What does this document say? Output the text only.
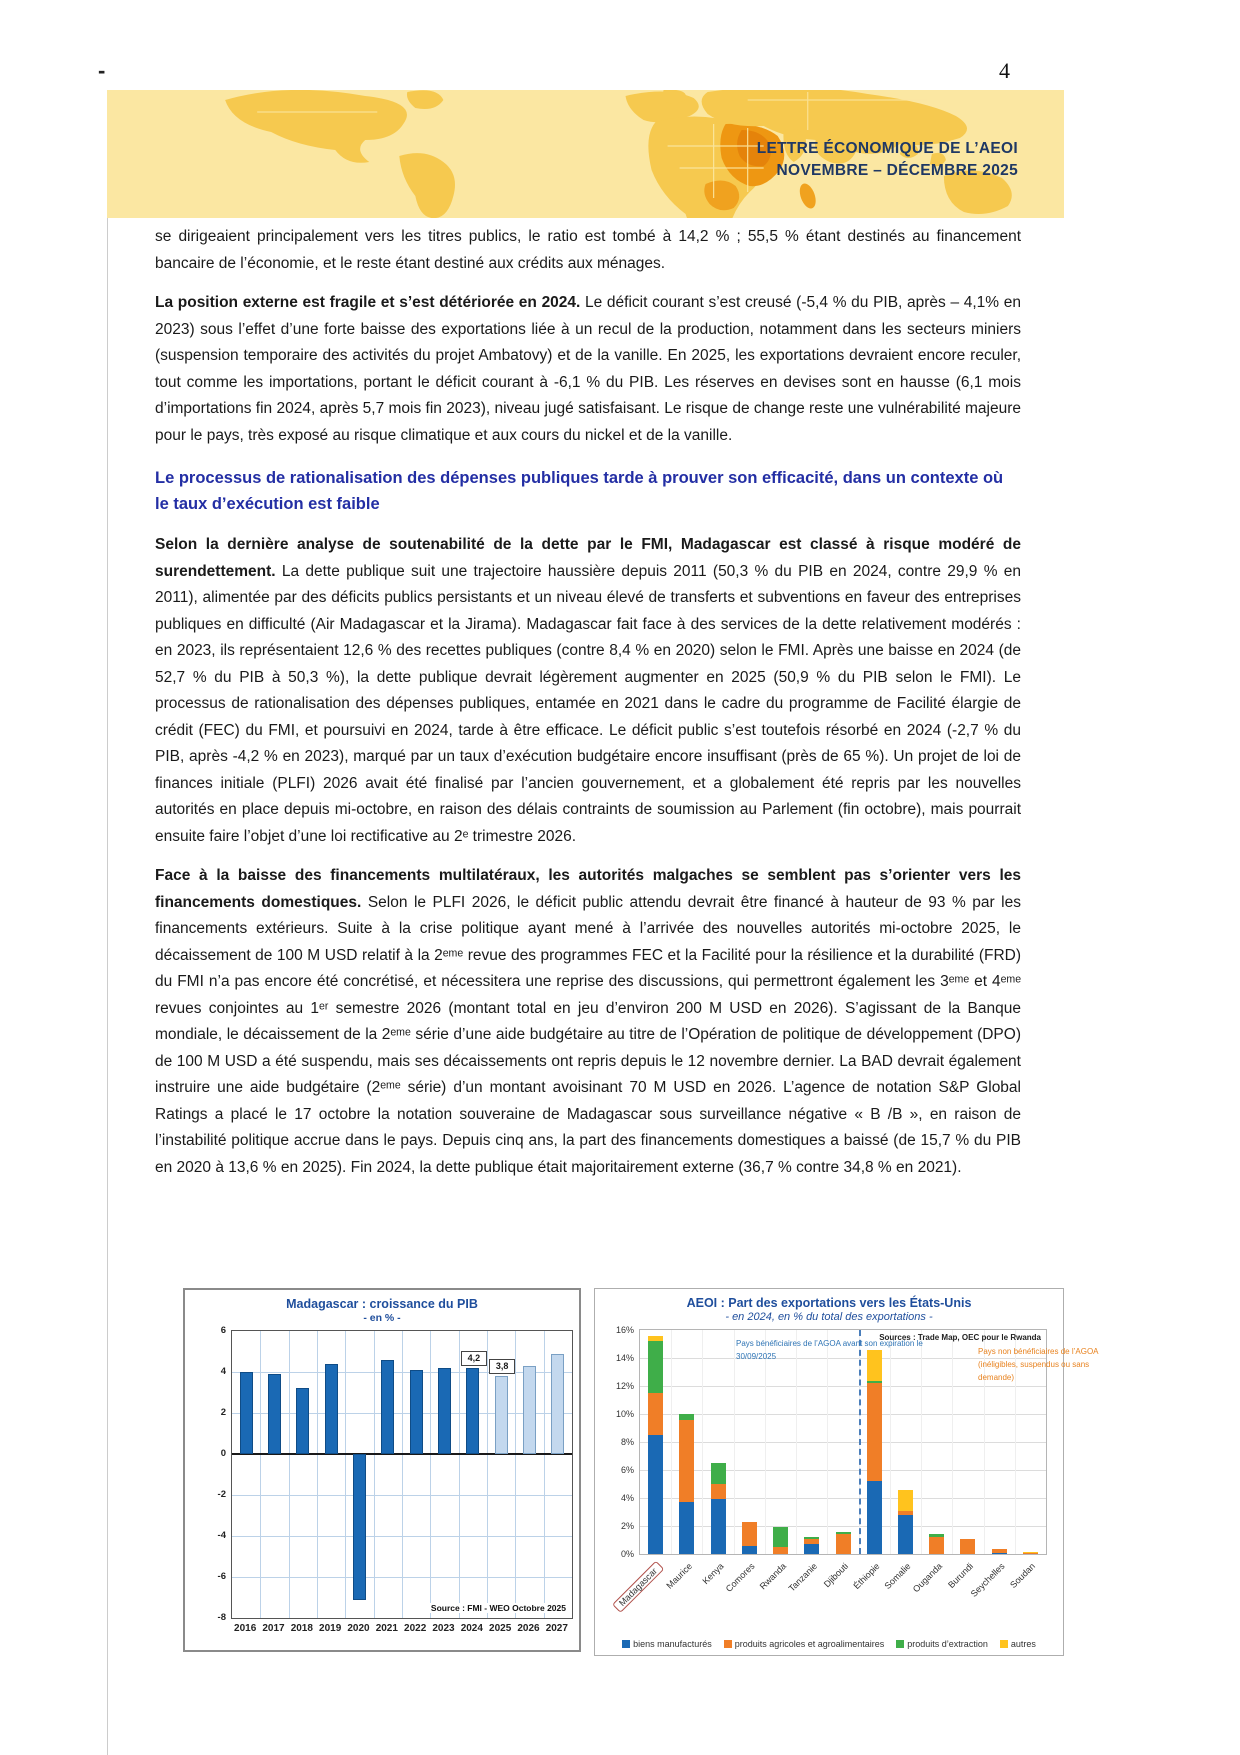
-	4
LETTRE ÉCONOMIQUE DE L’AEOI
NOVEMBRE – DÉCEMBRE 2025

se dirigeaient principalement vers les titres publics, le ratio est tombé à 14,2 % ; 55,5 % étant destinés au financement bancaire de l’économie, et le reste étant destiné aux crédits aux ménages.

La position externe est fragile et s’est détériorée en 2024. Le déficit courant s’est creusé (-5,4 % du PIB, après – 4,1% en 2023) sous l’effet d’une forte baisse des exportations liée à un recul de la production, notamment dans les secteurs miniers (suspension temporaire des activités du projet Ambatovy) et de la vanille. En 2025, les exportations devraient encore reculer, tout comme les importations, portant le déficit courant à -6,1 % du PIB. Les réserves en devises sont en hausse (6,1 mois d’importations fin 2024, après 5,7 mois fin 2023), niveau jugé satisfaisant. Le risque de change reste une vulnérabilité majeure pour le pays, très exposé au risque climatique et aux cours du nickel et de la vanille.

Le processus de rationalisation des dépenses publiques tarde à prouver son efficacité, dans un contexte où le taux d’exécution est faible

Selon la dernière analyse de soutenabilité de la dette par le FMI, Madagascar est classé à risque modéré de surendettement. La dette publique suit une trajectoire haussière depuis 2011 (50,3 % du PIB en 2024, contre 29,9 % en 2011), alimentée par des déficits publics persistants et un niveau élevé de transferts et subventions en faveur des entreprises publiques en difficulté (Air Madagascar et la Jirama). Madagascar fait face à des services de la dette relativement modérés : en 2023, ils représentaient 12,6 % des recettes publiques (contre 8,4 % en 2020) selon le FMI. Après une baisse en 2024 (de 52,7 % du PIB à 50,3 %), la dette publique devrait légèrement augmenter en 2025 (50,9 % du PIB selon le FMI). Le processus de rationalisation des dépenses publiques, entamée en 2021 dans le cadre du programme de Facilité élargie de crédit (FEC) du FMI, et poursuivi en 2024, tarde à être efficace. Le déficit public s’est toutefois résorbé en 2024 (-2,7 % du PIB, après -4,2 % en 2023), marqué par un taux d’exécution budgétaire encore insuffisant (près de 65 %). Un projet de loi de finances initiale (PLFI) 2026 avait été finalisé par l’ancien gouvernement, et a globalement été repris par les nouvelles autorités en place depuis mi-octobre, en raison des délais contraints de soumission au Parlement (fin octobre), mais pourrait ensuite faire l’objet d’une loi rectificative au 2ᵉ trimestre 2026.

Face à la baisse des financements multilatéraux, les autorités malgaches se semblent pas s’orienter vers les financements domestiques. Selon le PLFI 2026, le déficit public attendu devrait être financé à hauteur de 93 % par les financements extérieurs. Suite à la crise politique ayant mené à l’arrivée des nouvelles autorités mi-octobre 2025, le décaissement de 100 M USD relatif à la 2ᵉᵐᵉ revue des programmes FEC et la Facilité pour la résilience et la durabilité (FRD) du FMI n’a pas encore été concrétisé, et nécessitera une reprise des discussions, qui permettront également les 3ᵉᵐᵉ et 4ᵉᵐᵉ revues conjointes au 1ᵉʳ semestre 2026 (montant total en jeu d’environ 200 M USD en 2026). S’agissant de la Banque mondiale, le décaissement de la 2ᵉᵐᵉ série d’une aide budgétaire au titre de l’Opération de politique de développement (DPO) de 100 M USD a été suspendu, mais ses décaissements ont repris depuis le 12 novembre dernier. La BAD devrait également instruire une aide budgétaire (2ᵉᵐᵉ série) d’un montant avoisinant 70 M USD en 2026. L’agence de notation S&P Global Ratings a placé le 17 octobre la notation souveraine de Madagascar sous surveillance négative « B /B », en raison de l’instabilité politique accrue dans le pays. Depuis cinq ans, la part des financements domestiques a baissé (de 15,7 % du PIB en 2020 à 13,6 % en 2025). Fin 2024, la dette publique était majoritairement externe (36,7 % contre 34,8 % en 2021).

Madagascar : croissance du PIB
- en % -
Source : FMI - WEO Octobre 2025
6
4
2
0
-2
-4
-6
-8
4,2
3,8
2016 2017 2018 2019 2020 2021 2022 2023 2024 2025 2026 2027
AEOI : Part des exportations vers les États-Unis
- en 2024, en % du total des exportations -
Sources : Trade Map, OEC pour le Rwanda
Pays bénéficiaires de l’AGOA avant son expiration le 30/09/2025
Pays non bénéficiaires de l’AGOA (inéligibles, suspendus ou sans demande)
16%
14%
12%
10%
8%
6%
4%
2%
0%
Madagascar Maurice Kenya
Comores Rwanda
Tanzanie Djibouti Éthiopie Somalie
Ouganda Burundi
Seychelles Soudan
biens manufacturés	produits agricoles et agroalimentaires	produits d’extraction	autres
